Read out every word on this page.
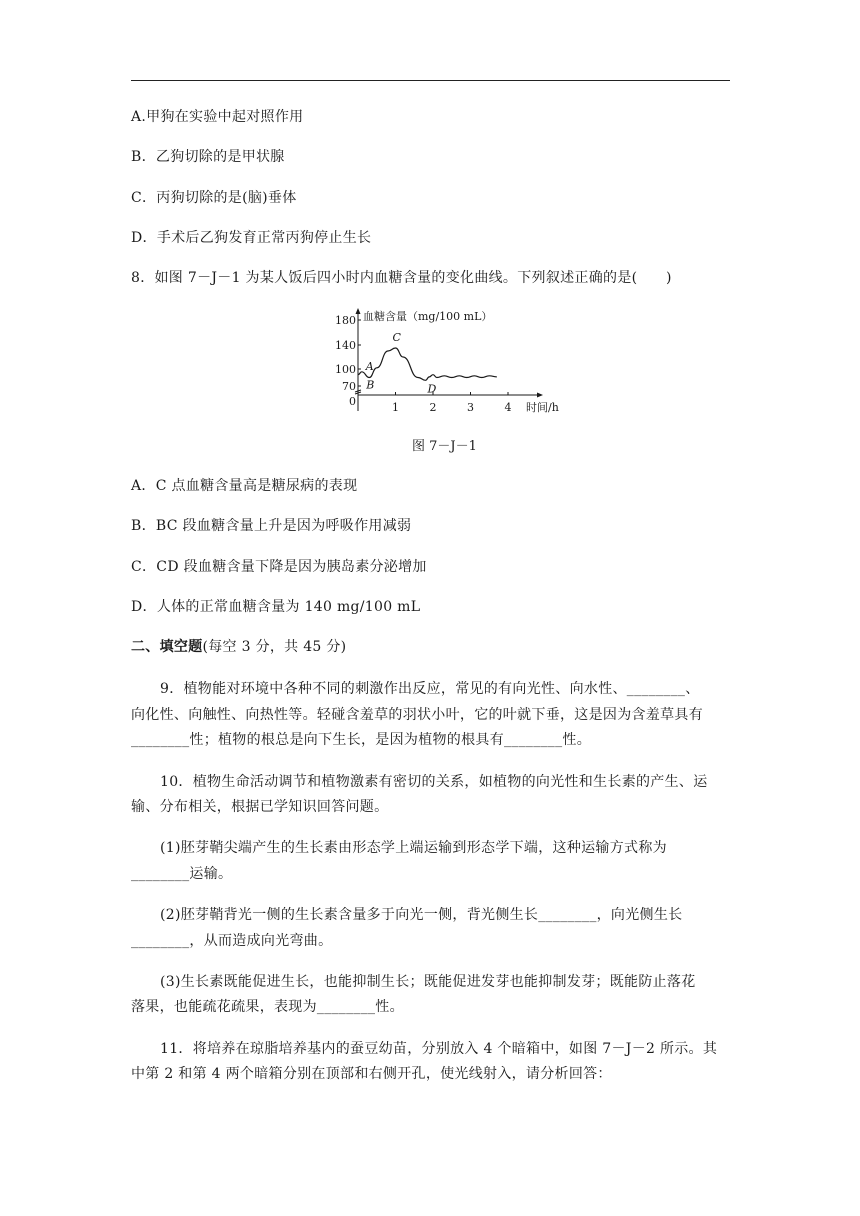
A.甲狗在实验中起对照作用
B．乙狗切除的是甲状腺
C．丙狗切除的是(脑)垂体
D．手术后乙狗发育正常丙狗停止生长
8．如图 7－J－1 为某人饭后四小时内血糖含量的变化曲线。下列叙述正确的是(　　)
血糖含量（mg/100 mL）
时间/h
180
140
100
70
0	1	2	3	4
A
B
C
D
图 7－J－1
A．C 点血糖含量高是糖尿病的表现
B．BC 段血糖含量上升是因为呼吸作用减弱
C．CD 段血糖含量下降是因为胰岛素分泌增加
D．人体的正常血糖含量为 140 mg/100 mL
二、填空题(每空 3 分，共 45 分)
9．植物能对环境中各种不同的刺激作出反应，常见的有向光性、向水性、________、
向化性、向触性、向热性等。轻碰含羞草的羽状小叶，它的叶就下垂，这是因为含羞草具有
________性；植物的根总是向下生长，是因为植物的根具有________性。
10．植物生命活动调节和植物激素有密切的关系，如植物的向光性和生长素的产生、运
输、分布相关，根据已学知识回答问题。
(1)胚芽鞘尖端产生的生长素由形态学上端运输到形态学下端，这种运输方式称为
________运输。
(2)胚芽鞘背光一侧的生长素含量多于向光一侧，背光侧生长________，向光侧生长
________，从而造成向光弯曲。
(3)生长素既能促进生长，也能抑制生长；既能促进发芽也能抑制发芽；既能防止落花
落果，也能疏花疏果，表现为________性。
11．将培养在琼脂培养基内的蚕豆幼苗，分别放入 4 个暗箱中，如图 7－J－2 所示。其
中第 2 和第 4 两个暗箱分别在顶部和右侧开孔，使光线射入，请分析回答：
